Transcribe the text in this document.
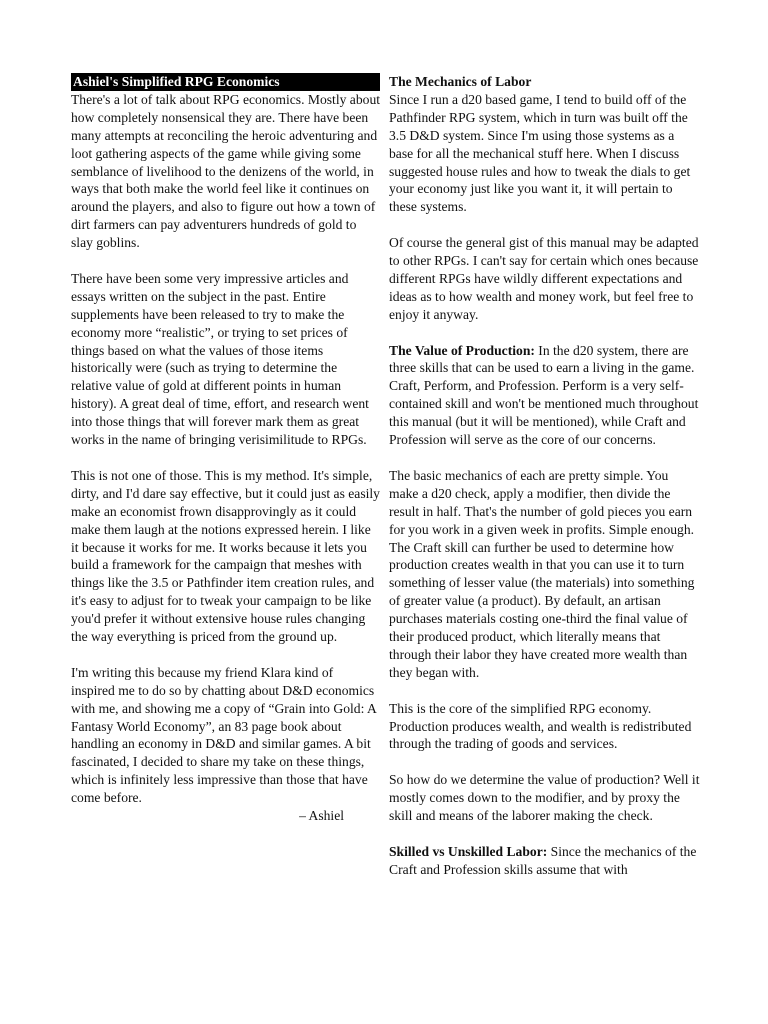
Ashiel's Simplified RPG Economics

There's a lot of talk about RPG economics. Mostly about how completely nonsensical they are. There have been many attempts at reconciling the heroic adventuring and loot gathering aspects of the game while giving some semblance of livelihood to the denizens of the world, in ways that both make the world feel like it continues on around the players, and also to figure out how a town of dirt farmers can pay adventurers hundreds of gold to slay goblins.

There have been some very impressive articles and essays written on the subject in the past. Entire supplements have been released to try to make the economy more “realistic”, or trying to set prices of things based on what the values of those items historically were (such as trying to determine the relative value of gold at different points in human history). A great deal of time, effort, and research went into those things that will forever mark them as great works in the name of bringing verisimilitude to RPGs.

This is not one of those. This is my method. It's simple, dirty, and I'd dare say effective, but it could just as easily make an economist frown disapprovingly as it could make them laugh at the notions expressed herein. I like it because it works for me. It works because it lets you build a framework for the campaign that meshes with things like the 3.5 or Pathfinder item creation rules, and it's easy to adjust for to tweak your campaign to be like you'd prefer it without extensive house rules changing the way everything is priced from the ground up.

I'm writing this because my friend Klara kind of inspired me to do so by chatting about D&D economics with me, and showing me a copy of “Grain into Gold: A Fantasy World Economy”, an 83 page book about handling an economy in D&D and similar games. A bit fascinated, I decided to share my take on these things, which is infinitely less impressive than those that have come before.

– Ashiel
The Mechanics of Labor

Since I run a d20 based game, I tend to build off of the Pathfinder RPG system, which in turn was built off the 3.5 D&D system. Since I'm using those systems as a base for all the mechanical stuff here. When I discuss suggested house rules and how to tweak the dials to get your economy just like you want it, it will pertain to these systems.

Of course the general gist of this manual may be adapted to other RPGs. I can't say for certain which ones because different RPGs have wildly different expectations and ideas as to how wealth and money work, but feel free to enjoy it anyway.

The Value of Production: In the d20 system, there are three skills that can be used to earn a living in the game. Craft, Perform, and Profession. Perform is a very self-contained skill and won't be mentioned much throughout this manual (but it will be mentioned), while Craft and Profession will serve as the core of our concerns.

The basic mechanics of each are pretty simple. You make a d20 check, apply a modifier, then divide the result in half. That's the number of gold pieces you earn for you work in a given week in profits. Simple enough. The Craft skill can further be used to determine how production creates wealth in that you can use it to turn something of lesser value (the materials) into something of greater value (a product). By default, an artisan purchases materials costing one-third the final value of their produced product, which literally means that through their labor they have created more wealth than they began with.

This is the core of the simplified RPG economy. Production produces wealth, and wealth is redistributed through the trading of goods and services.

So how do we determine the value of production? Well it mostly comes down to the modifier, and by proxy the skill and means of the laborer making the check.

Skilled vs Unskilled Labor: Since the mechanics of the Craft and Profession skills assume that with
